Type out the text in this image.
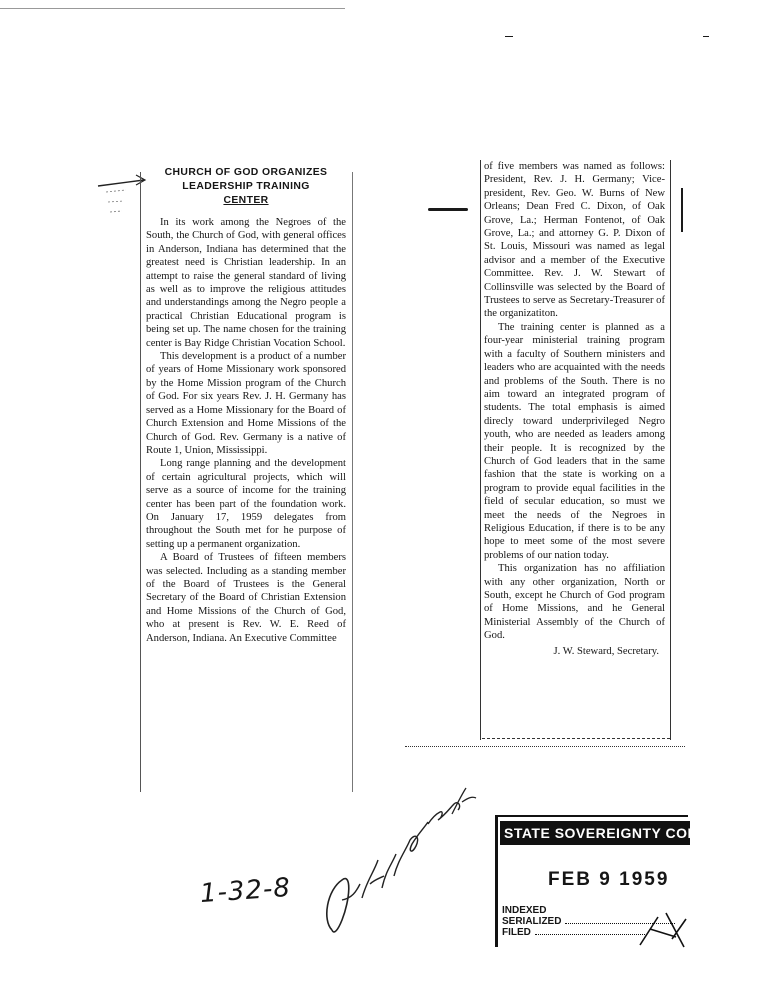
CHURCH OF GOD ORGANIZES
LEADERSHIP TRAINING
CENTER

In its work among the Negroes of the South, the Church of God, with general offices in Anderson, Indiana has determined that the greatest need is Christian leadership. In an attempt to raise the general standard of living as well as to improve the religious attitudes and understandings among the Negro people a practical Christian Educational program is being set up. The name chosen for the training center is Bay Ridge Christian Vocation School.

This development is a product of a number of years of Home Missionary work sponsored by the Home Mission program of the Church of God. For six years Rev. J. H. Germany has served as a Home Missionary for the Board of Church Extension and Home Missions of the Church of God. Rev. Germany is a native of Route 1, Union, Mississippi.

Long range planning and the development of certain agricultural projects, which will serve as a source of income for the training center has been part of the foundation work. On January 17, 1959 delegates from throughout the South met for he purpose of setting up a permanent organization.

A Board of Trustees of fifteen members was selected. Including as a standing member of the Board of Trustees is the General Secretary of the Board of Christian Extension and Home Missions of the Church of God, who at present is Rev. W. E. Reed of Anderson, Indiana. An Executive Committee

of five members was named as follows: President, Rev. J. H. Germany; Vice-president, Rev. Geo. W. Burns of New Orleans; Dean Fred C. Dixon, of Oak Grove, La.; Herman Fontenot, of Oak Grove, La.; and attorney G. P. Dixon of St. Louis, Missouri was named as legal advisor and a member of the Executive Committee. Rev. J. W. Stewart of Collinsville was selected by the Board of Trustees to serve as Secretary-Treasurer of the organizatiton.

The training center is planned as a four-year ministerial training program with a faculty of Southern ministers and leaders who are acquainted with the needs and problems of the South. There is no aim toward an integrated program of students. The total emphasis is aimed direcly toward underprivileged Negro youth, who are needed as leaders among their people. It is recognized by the Church of God leaders that in the same fashion that the state is working on a program to provide equal facilities in the field of secular education, so must we meet the needs of the Negroes in Religious Education, if there is to be any hope to meet some of the most severe problems of our nation today.

This organization has no affiliation with any other organization, North or South, except he Church of God program of Home Missions, and he General Ministerial Assembly of the Church of God.

J. W. Steward, Secretary.
1-32-8
STATE SOVEREIGNTY COMMISSION
FEB 9 1959
INDEXED
SERIALIZED
FILED
